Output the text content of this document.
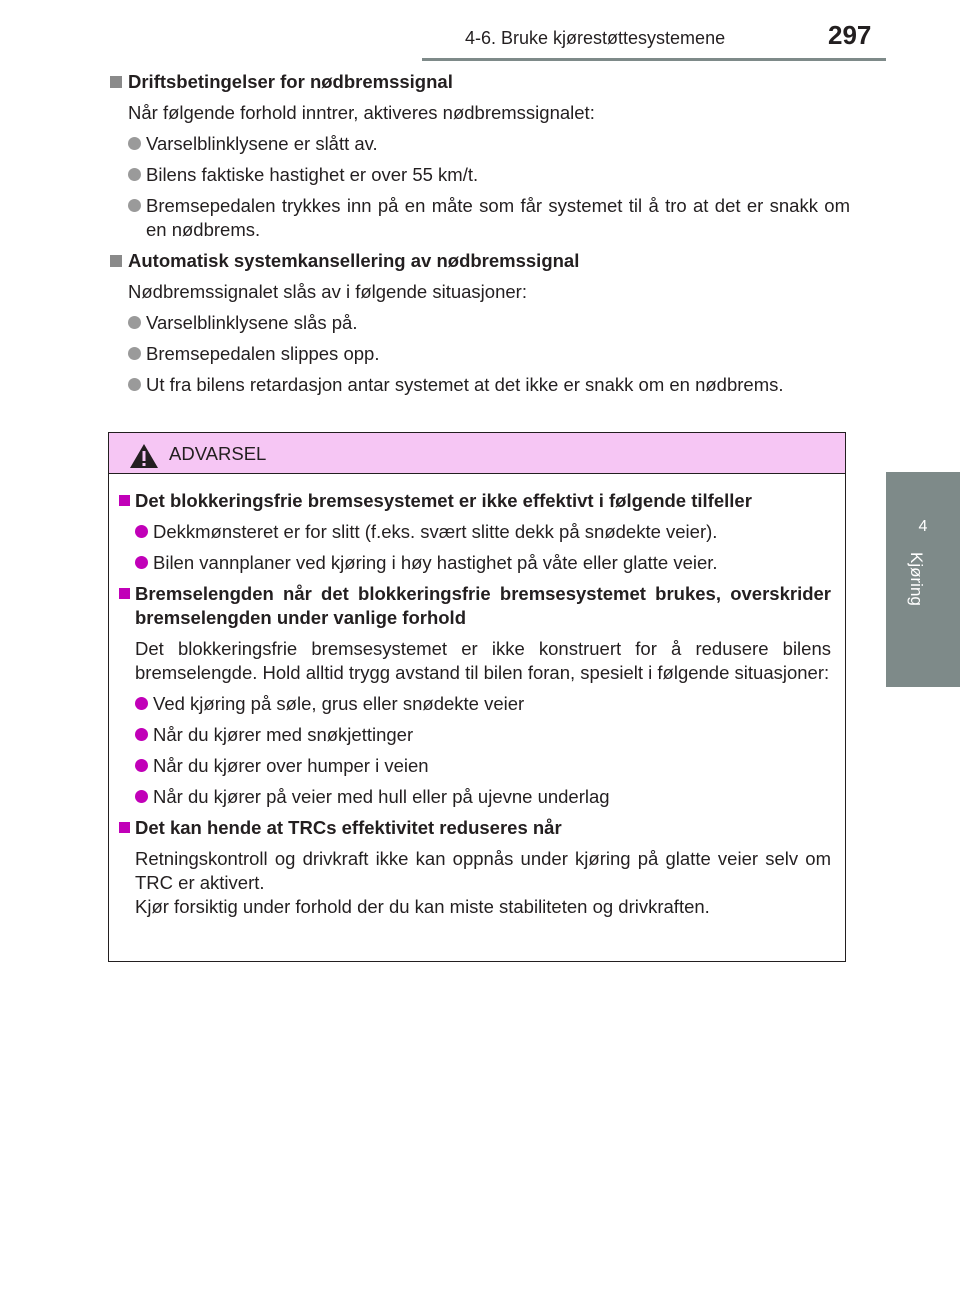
4-6. Bruke kjørestøttesystemene	297
4
Kjøring
Driftsbetingelser for nødbremssignal
Når følgende forhold inntrer, aktiveres nødbremssignalet:
Varselblinklysene er slått av.
Bilens faktiske hastighet er over 55 km/t.
Bremsepedalen trykkes inn på en måte som får systemet til å tro at det er snakk om en nødbrems.
Automatisk systemkansellering av nødbremssignal
Nødbremssignalet slås av i følgende situasjoner:
Varselblinklysene slås på.
Bremsepedalen slippes opp.
Ut fra bilens retardasjon antar systemet at det ikke er snakk om en nødbrems.
ADVARSEL
Det blokkeringsfrie bremsesystemet er ikke effektivt i følgende tilfeller
Dekkmønsteret er for slitt (f.eks. svært slitte dekk på snødekte veier).
Bilen vannplaner ved kjøring i høy hastighet på våte eller glatte veier.
Bremselengden når det blokkeringsfrie bremsesystemet brukes, overskrider bremselengden under vanlige forhold
Det blokkeringsfrie bremsesystemet er ikke konstruert for å redusere bilens bremselengde. Hold alltid trygg avstand til bilen foran, spesielt i følgende situasjoner:
Ved kjøring på søle, grus eller snødekte veier
Når du kjører med snøkjettinger
Når du kjører over humper i veien
Når du kjører på veier med hull eller på ujevne underlag
Det kan hende at TRCs effektivitet reduseres når
Retningskontroll og drivkraft ikke kan oppnås under kjøring på glatte veier selv om TRC er aktivert.
Kjør forsiktig under forhold der du kan miste stabiliteten og drivkraften.
